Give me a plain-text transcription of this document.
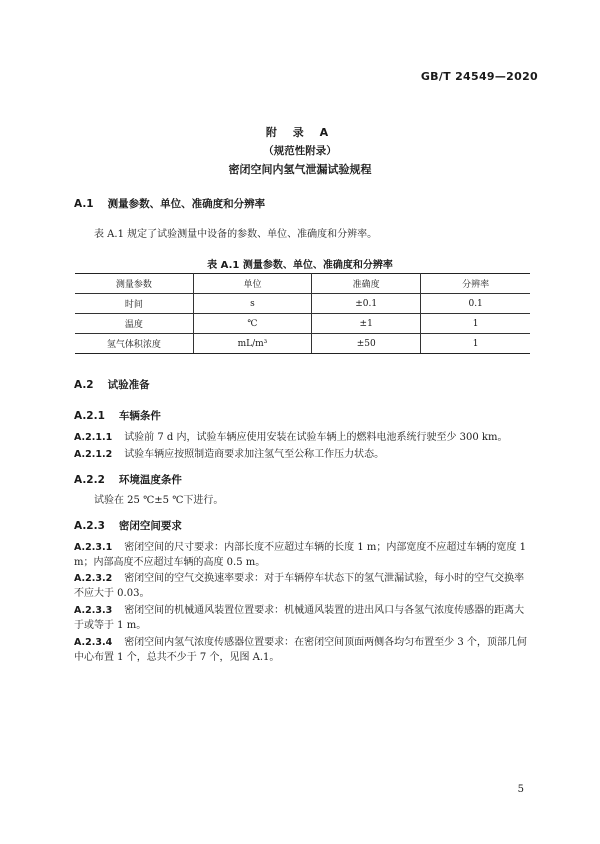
GB/T 24549—2020
附 录 A
（规范性附录）
密闭空间内氢气泄漏试验规程
A.1 测量参数、单位、准确度和分辨率
表 A.1 规定了试验测量中设备的参数、单位、准确度和分辨率。
表 A.1 测量参数、单位、准确度和分辨率
测量参数	单位	准确度	分辨率
时间	s	±0.1	0.1
温度	℃	±1	1
氢气体积浓度	mL/m³	±50	1
A.2 试验准备
A.2.1 车辆条件
A.2.1.1 试验前 7 d 内，试验车辆应使用安装在试验车辆上的燃料电池系统行驶至少 300 km。
A.2.1.2 试验车辆应按照制造商要求加注氢气至公称工作压力状态。
A.2.2 环境温度条件
试验在 25 ℃±5 ℃下进行。
A.2.3 密闭空间要求
A.2.3.1 密闭空间的尺寸要求：内部长度不应超过车辆的长度 1 m；内部宽度不应超过车辆的宽度 1 m；内部高度不应超过车辆的高度 0.5 m。
A.2.3.2 密闭空间的空气交换速率要求：对于车辆停车状态下的氢气泄漏试验，每小时的空气交换率不应大于 0.03。
A.2.3.3 密闭空间的机械通风装置位置要求：机械通风装置的进出风口与各氢气浓度传感器的距离大于或等于 1 m。
A.2.3.4 密闭空间内氢气浓度传感器位置要求：在密闭空间顶面两侧各均匀布置至少 3 个，顶部几何中心布置 1 个，总共不少于 7 个，见图 A.1。
5
